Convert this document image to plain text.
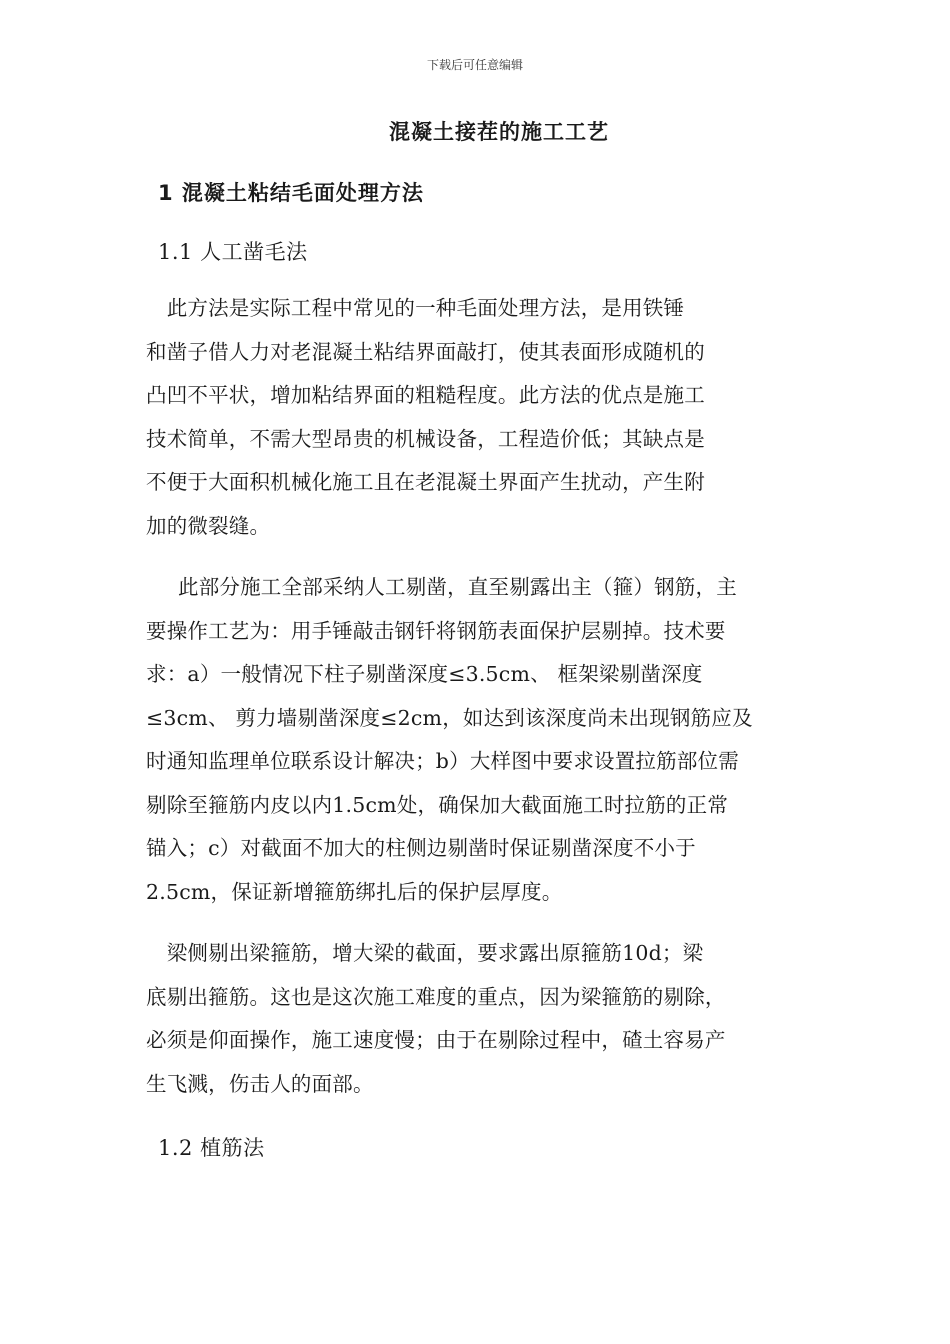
下载后可任意编辑
混凝土接茬的施工工艺
1 混凝土粘结毛面处理方法
1.1 人工凿毛法

　此方法是实际工程中常见的一种毛面处理方法，是用铁锤
和凿子借人力对老混凝土粘结界面敲打，使其表面形成随机的
凸凹不平状，增加粘结界面的粗糙程度。此方法的优点是施工
技术简单，不需大型昂贵的机械设备，工程造价低；其缺点是
不便于大面积机械化施工且在老混凝土界面产生扰动，产生附
加的微裂缝。

此部分施工全部采纳人工剔凿，直至剔露出主（箍）钢筋，主
要操作工艺为：用手锤敲击钢钎将钢筋表面保护层剔掉。技术要
求：a）一般情况下柱子剔凿深度≤3.5cm、 框架梁剔凿深度
≤3cm、 剪力墙剔凿深度≤2cm，如达到该深度尚未出现钢筋应及
时通知监理单位联系设计解决；b）大样图中要求设置拉筋部位需
剔除至箍筋内皮以内1.5cm处，确保加大截面施工时拉筋的正常
锚入；c）对截面不加大的柱侧边剔凿时保证剔凿深度不小于
2.5cm，保证新增箍筋绑扎后的保护层厚度。

　梁侧剔出梁箍筋，增大梁的截面，要求露出原箍筋10d；梁
底剔出箍筋。这也是这次施工难度的重点，因为梁箍筋的剔除，
必须是仰面操作，施工速度慢；由于在剔除过程中，碴土容易产
生飞溅，伤击人的面部。

1.2 植筋法
